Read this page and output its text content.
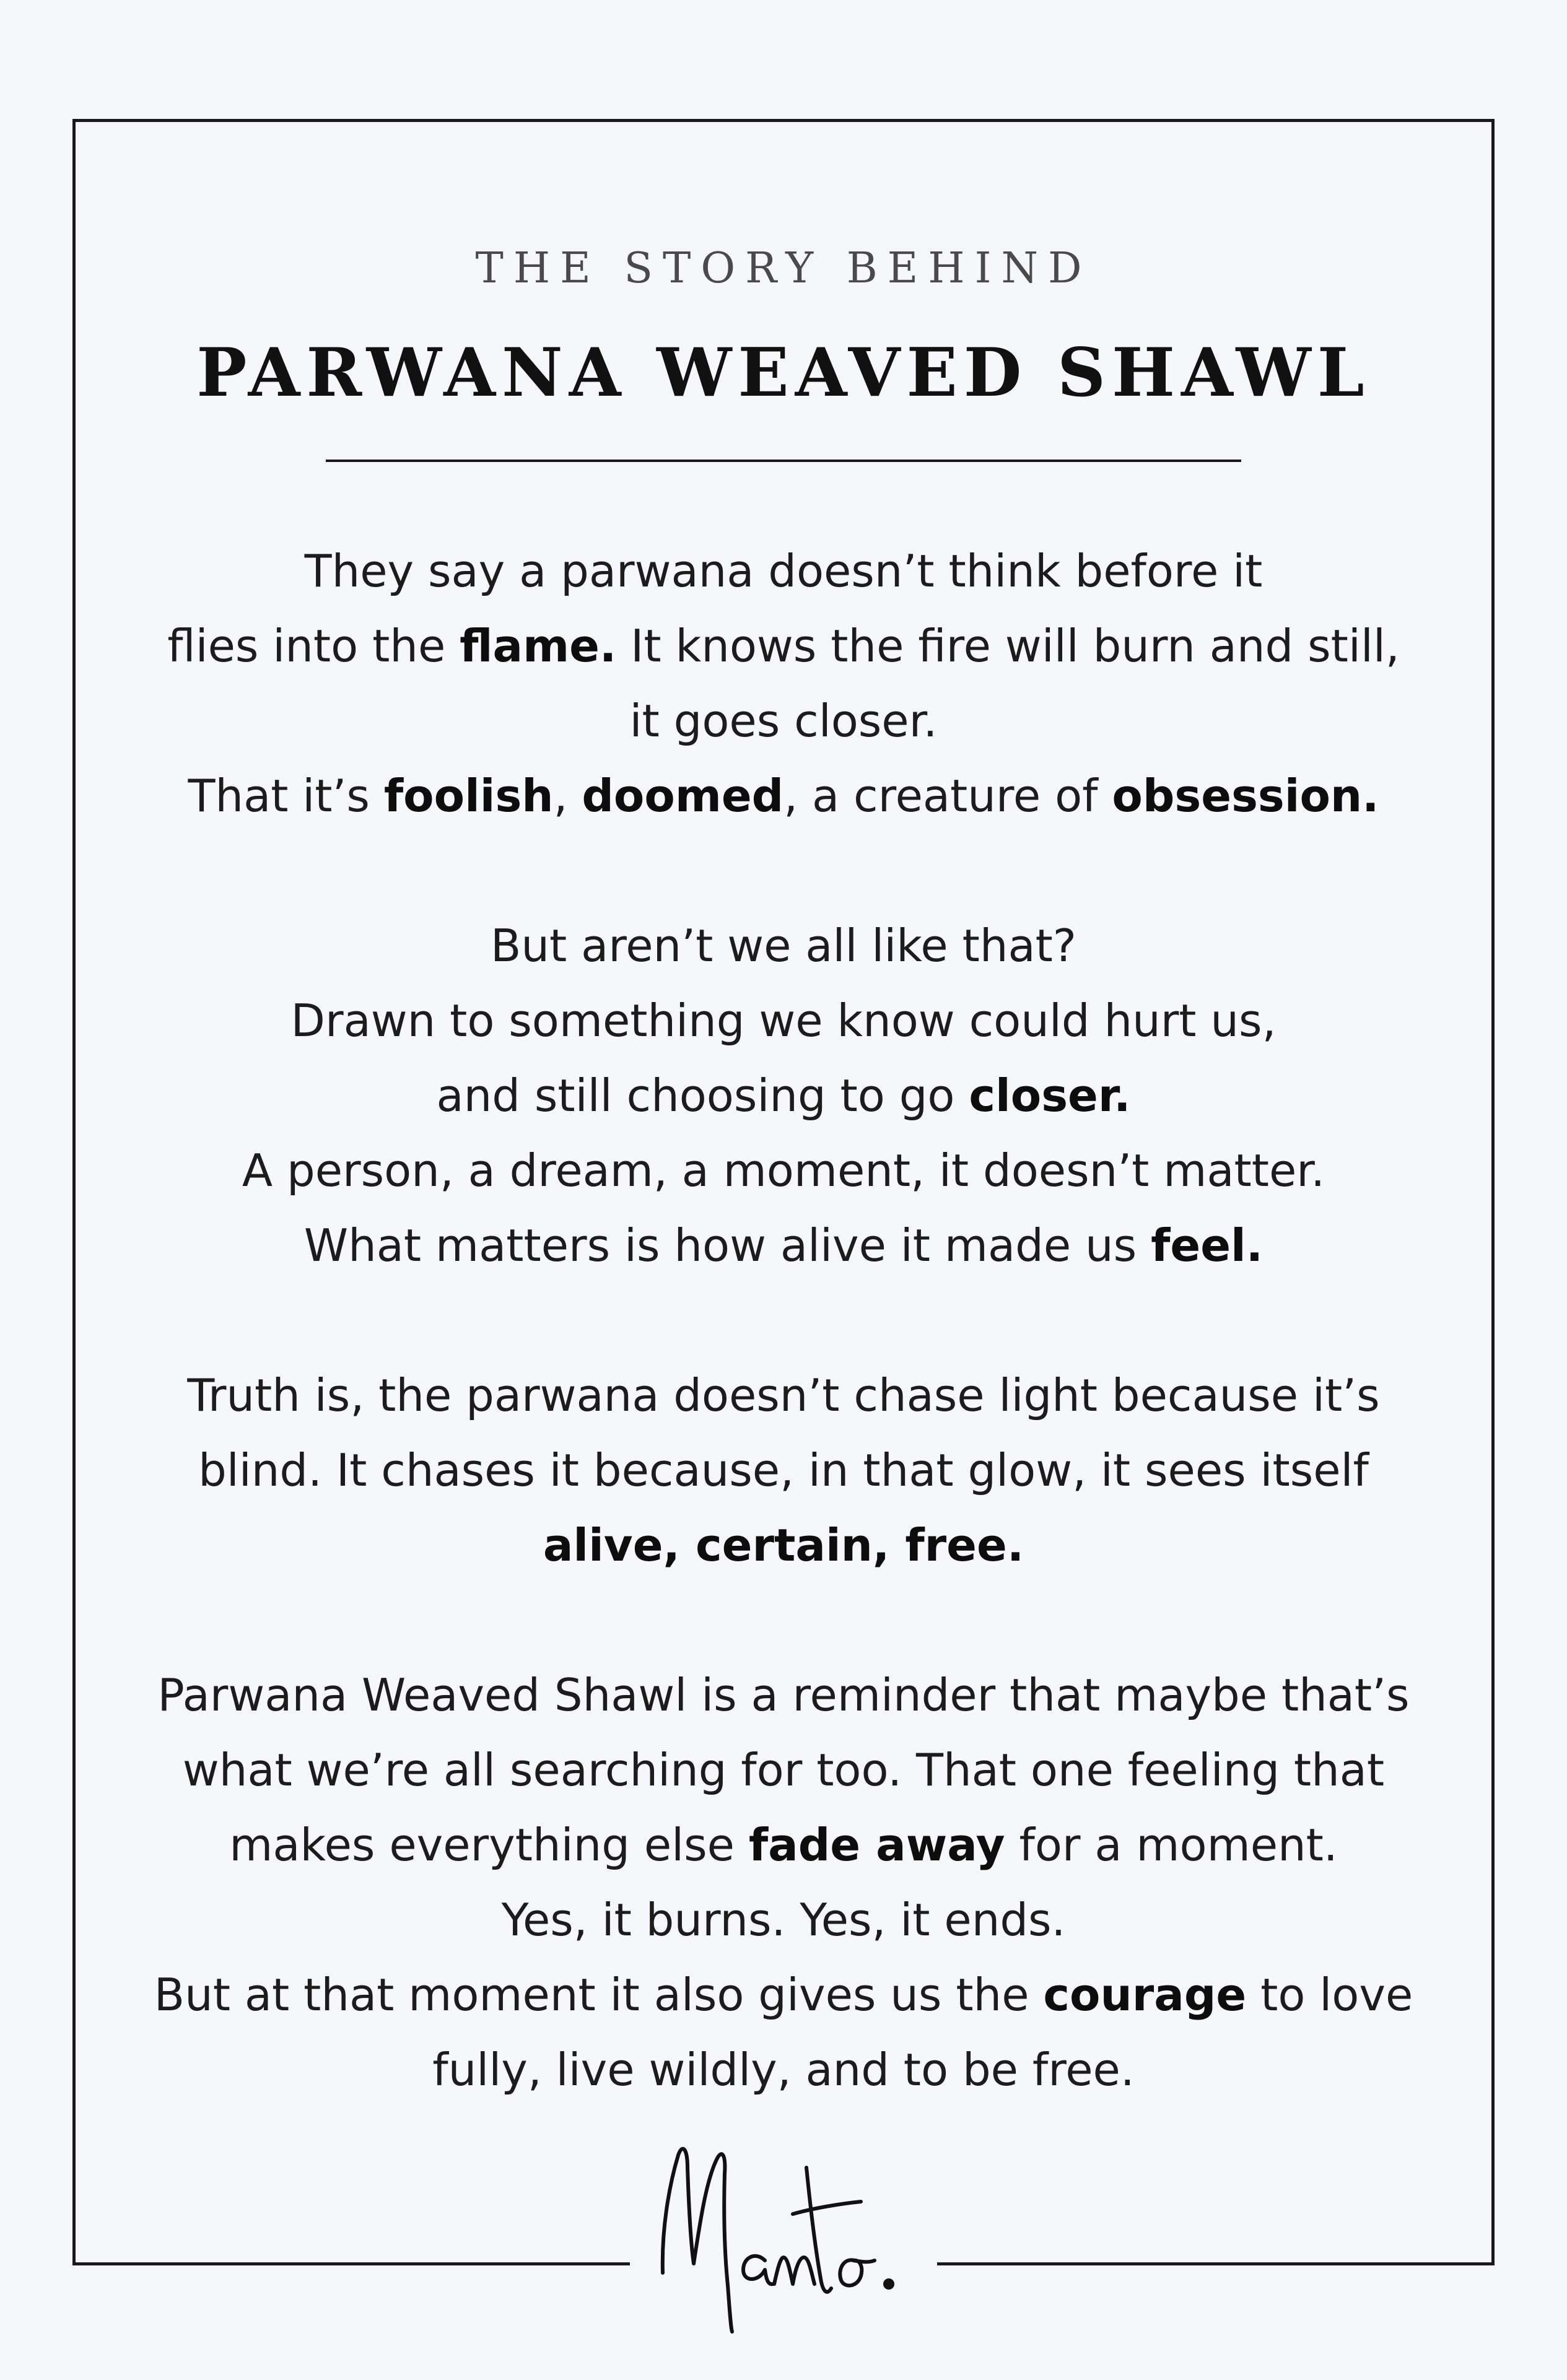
THE STORY BEHIND
PARWANA WEAVED SHAWL
They say a parwana doesn’t think before it
flies into the flame. It knows the fire will burn and still,
it goes closer.
That it’s foolish, doomed, a creature of obsession.
But aren’t we all like that?
Drawn to something we know could hurt us,
and still choosing to go closer.
A person, a dream, a moment, it doesn’t matter.
What matters is how alive it made us feel.
Truth is, the parwana doesn’t chase light because it’s
blind. It chases it because, in that glow, it sees itself
alive, certain, free.
Parwana Weaved Shawl is a reminder that maybe that’s
what we’re all searching for too. That one feeling that
makes everything else fade away for a moment.
Yes, it burns. Yes, it ends.
But at that moment it also gives us the courage to love
fully, live wildly, and to be free.
